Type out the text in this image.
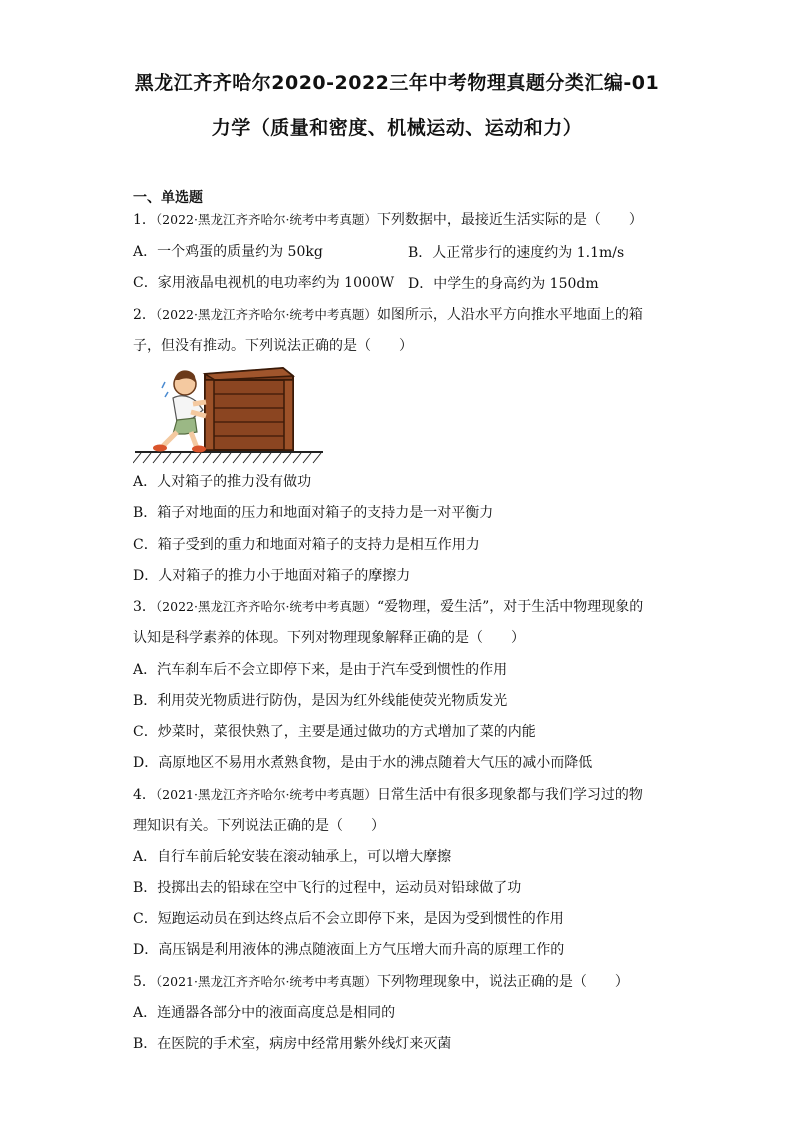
黑龙江齐齐哈尔2020-2022三年中考物理真题分类汇编-01
力学（质量和密度、机械运动、运动和力）
一、单选题
1．（2022·黑龙江齐齐哈尔·统考中考真题）下列数据中，最接近生活实际的是（　　）
A．一个鸡蛋的质量约为 50kg	B．人正常步行的速度约为 1.1m/s
C．家用液晶电视机的电功率约为 1000W D．中学生的身高约为 150dm
2．（2022·黑龙江齐齐哈尔·统考中考真题）如图所示，人沿水平方向推水平地面上的箱
子，但没有推动。下列说法正确的是（　　）
A．人对箱子的推力没有做功
B．箱子对地面的压力和地面对箱子的支持力是一对平衡力
C．箱子受到的重力和地面对箱子的支持力是相互作用力
D．人对箱子的推力小于地面对箱子的摩擦力
3．（2022·黑龙江齐齐哈尔·统考中考真题）“爱物理，爱生活”，对于生活中物理现象的
认知是科学素养的体现。下列对物理现象解释正确的是（　　）
A．汽车刹车后不会立即停下来，是由于汽车受到惯性的作用
B．利用荧光物质进行防伪，是因为红外线能使荧光物质发光
C．炒菜时，菜很快熟了，主要是通过做功的方式增加了菜的内能
D．高原地区不易用水煮熟食物，是由于水的沸点随着大气压的减小而降低
4．（2021·黑龙江齐齐哈尔·统考中考真题）日常生活中有很多现象都与我们学习过的物
理知识有关。下列说法正确的是（　　）
A．自行车前后轮安装在滚动轴承上，可以增大摩擦
B．投掷出去的铅球在空中飞行的过程中，运动员对铅球做了功
C．短跑运动员在到达终点后不会立即停下来，是因为受到惯性的作用
D．高压锅是利用液体的沸点随液面上方气压增大而升高的原理工作的
5．（2021·黑龙江齐齐哈尔·统考中考真题）下列物理现象中，说法正确的是（　　）
A．连通器各部分中的液面高度总是相同的
B．在医院的手术室，病房中经常用紫外线灯来灭菌
